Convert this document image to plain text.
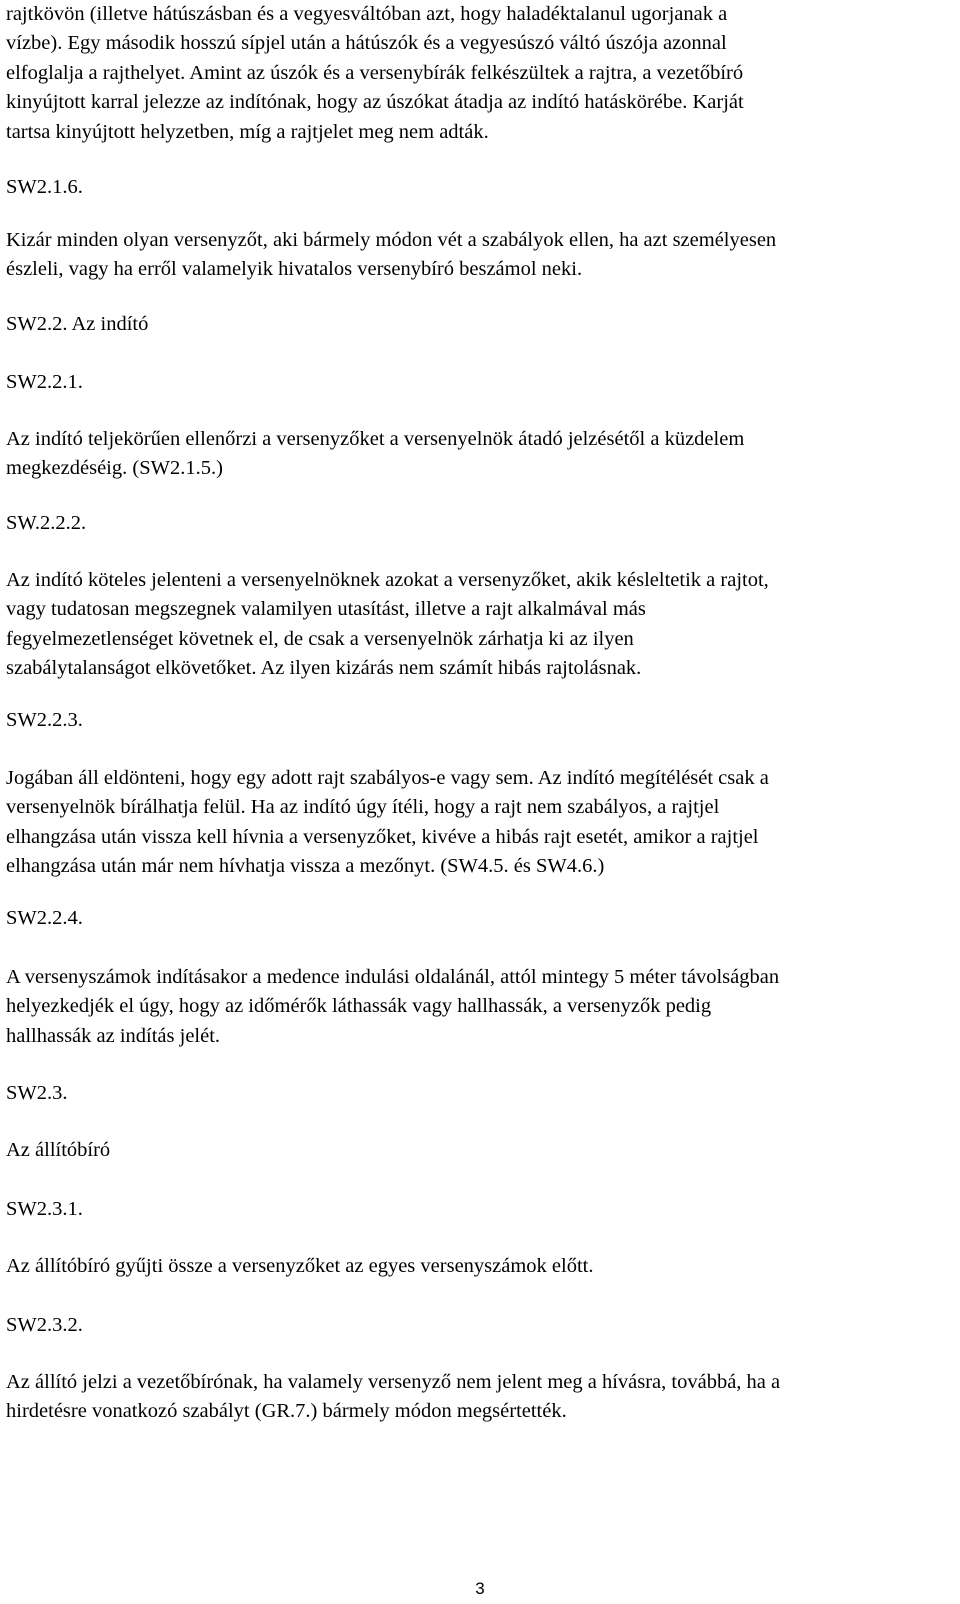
rajtkövön (illetve hátúszásban és a vegyesváltóban azt, hogy haladéktalanul ugorjanak a
vízbe). Egy második hosszú sípjel után a hátúszók és a vegyesúszó váltó úszója azonnal
elfoglalja a rajthelyet. Amint az úszók és a versenybírák felkészültek a rajtra, a vezetőbíró
kinyújtott karral jelezze az indítónak, hogy az úszókat átadja az indító hatáskörébe. Karját
tartsa kinyújtott helyzetben, míg a rajtjelet meg nem adták.
SW2.1.6.
Kizár minden olyan versenyzőt, aki bármely módon vét a szabályok ellen, ha azt személyesen
észleli, vagy ha erről valamelyik hivatalos versenybíró beszámol neki.
SW2.2. Az indító
SW2.2.1.
Az indító teljekörűen ellenőrzi a versenyzőket a versenyelnök átadó jelzésétől a küzdelem
megkezdéséig. (SW2.1.5.)
SW.2.2.2.
Az indító köteles jelenteni a versenyelnöknek azokat a versenyzőket, akik késleltetik a rajtot,
vagy tudatosan megszegnek valamilyen utasítást, illetve a rajt alkalmával más
fegyelmezetlenséget követnek el, de csak a versenyelnök zárhatja ki az ilyen
szabálytalanságot elkövetőket. Az ilyen kizárás nem számít hibás rajtolásnak.
SW2.2.3.
Jogában áll eldönteni, hogy egy adott rajt szabályos-e vagy sem. Az indító megítélését csak a
versenyelnök bírálhatja felül. Ha az indító úgy ítéli, hogy a rajt nem szabályos, a rajtjel
elhangzása után vissza kell hívnia a versenyzőket, kivéve a hibás rajt esetét, amikor a rajtjel
elhangzása után már nem hívhatja vissza a mezőnyt. (SW4.5. és SW4.6.)
SW2.2.4.
A versenyszámok indításakor a medence indulási oldalánál, attól mintegy 5 méter távolságban
helyezkedjék el úgy, hogy az időmérők láthassák vagy hallhassák, a versenyzők pedig
hallhassák az indítás jelét.
SW2.3.
Az állítóbíró
SW2.3.1.
Az állítóbíró gyűjti össze a versenyzőket az egyes versenyszámok előtt.
SW2.3.2.
Az állító jelzi a vezetőbírónak, ha valamely versenyző nem jelent meg a hívásra, továbbá, ha a
hirdetésre vonatkozó szabályt (GR.7.) bármely módon megsértették.
3
